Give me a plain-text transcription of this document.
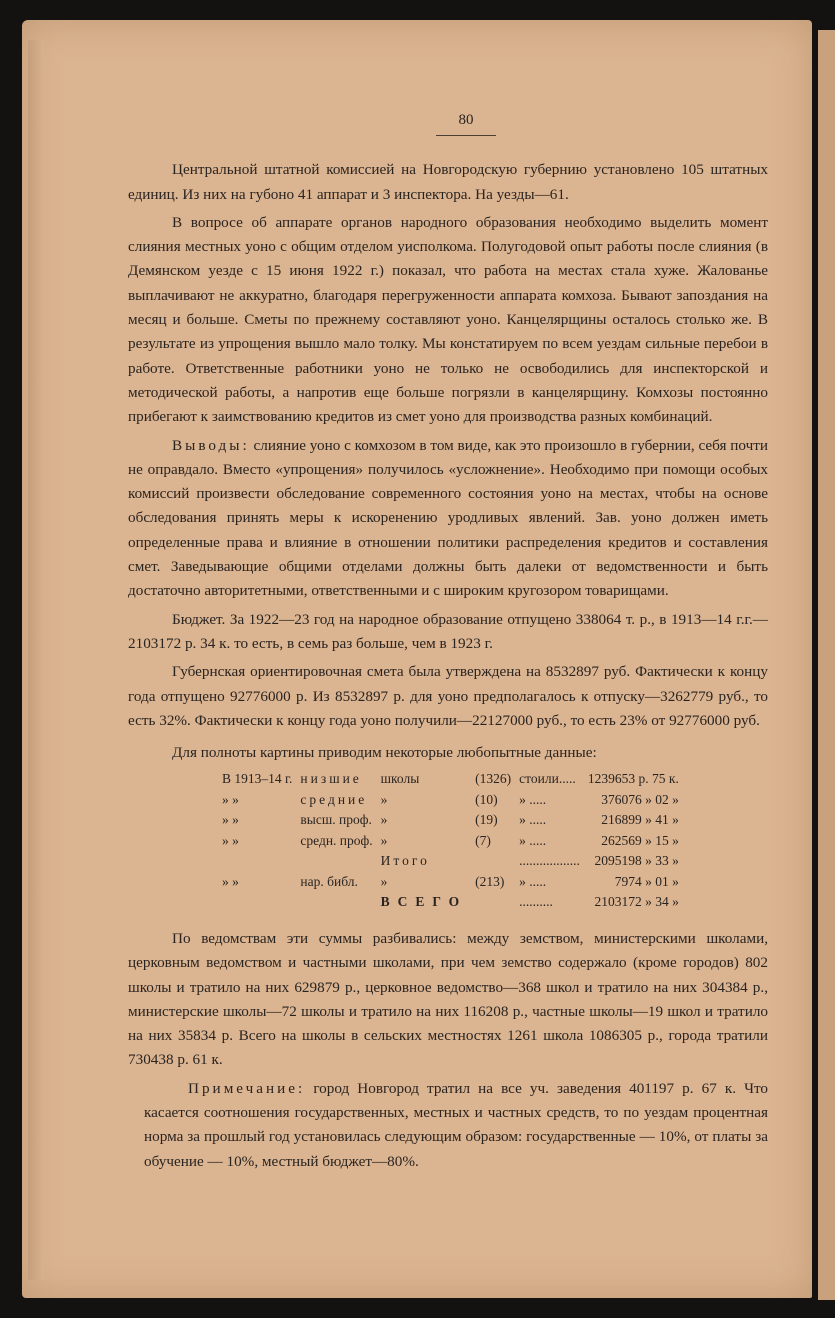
80

Центральной штатной комиссией на Новгородскую губернию установлено 105 штатных единиц. Из них на губоно 41 аппарат и 3 инспектора. На уезды—61.

В вопросе об аппарате органов народного образования необходимо выделить момент слияния местных уоно с общим отделом уисполкома. Полугодовой опыт работы после слияния (в Демянском уезде с 15 июня 1922 г.) показал, что работа на местах стала хуже. Жалованье выплачивают не аккуратно, благодаря перегруженности аппарата комхоза. Бывают запоздания на месяц и больше. Сметы по прежнему составляют уоно. Канцелярщины осталось столько же. В результате из упрощения вышло мало толку. Мы констатируем по всем уездам сильные перебои в работе. Ответственные работники уоно не только не освободились для инспекторской и методической работы, а напротив еще больше погрязли в канцелярщину. Комхозы постоянно прибегают к заимствованию кредитов из смет уоно для производства разных комбинаций.

Выводы: слияние уоно с комхозом в том виде, как это произошло в губернии, себя почти не оправдало. Вместо «упрощения» получилось «усложнение». Необходимо при помощи особых комиссий произвести обследование современного состояния уоно на местах, чтобы на основе обследования принять меры к искоренению уродливых явлений. Зав. уоно должен иметь определенные права и влияние в отношении политики распределения кредитов и составления смет. Заведывающие общими отделами должны быть далеки от ведомственности и быть достаточно авторитетными, ответственными и с широким кругозором товарищами.

Бюджет. За 1922—23 год на народное образование отпущено 338064 т. р., в 1913—14 г.г.—2103172 р. 34 к. то есть, в семь раз больше, чем в 1923 г.

Губернская ориентировочная смета была утверждена на 8532897 руб. Фактически к концу года отпущено 92776000 р. Из 8532897 р. для уоно предполагалось к отпуску—3262779 руб., то есть 32%. Фактически к концу года уоно получили—22127000 руб., то есть 23% от 92776000 руб.

Для полноты картины приводим некоторые любопытные данные:

В 1913–14 г.	низшие	школы	(1326)	стоили.....	1239653 р. 75 к.
» »	средние	»	(10)	» .....	376076 » 02 »
» »	высш. проф.	»	(19)	» .....	216899 » 41 »
» »	средн. проф.	»	(7)	» .....	262569 » 15 »
		Итого		..................	2095198 » 33 »
» »	нар. библ.	»	(213)	» .....	7974 » 01 »
		ВСЕГО		..........	2103172 » 34 »

По ведомствам эти суммы разбивались: между земством, министерскими школами, церковным ведомством и частными школами, при чем земство содержало (кроме городов) 802 школы и тратило на них 629879 р., церковное ведомство—368 школ и тратило на них 304384 р., министерские школы—72 школы и тратило на них 116208 р., частные школы—19 школ и тратило на них 35834 р. Всего на школы в сельских местностях 1261 школа 1086305 р., города тратили 730438 р. 61 к.

Примечание: город Новгород тратил на все уч. заведения 401197 р. 67 к. Что касается соотношения государственных, местных и частных средств, то по уездам процентная норма за прошлый год установилась следующим образом: государственные — 10%, от платы за обучение — 10%, местный бюджет—80%.
